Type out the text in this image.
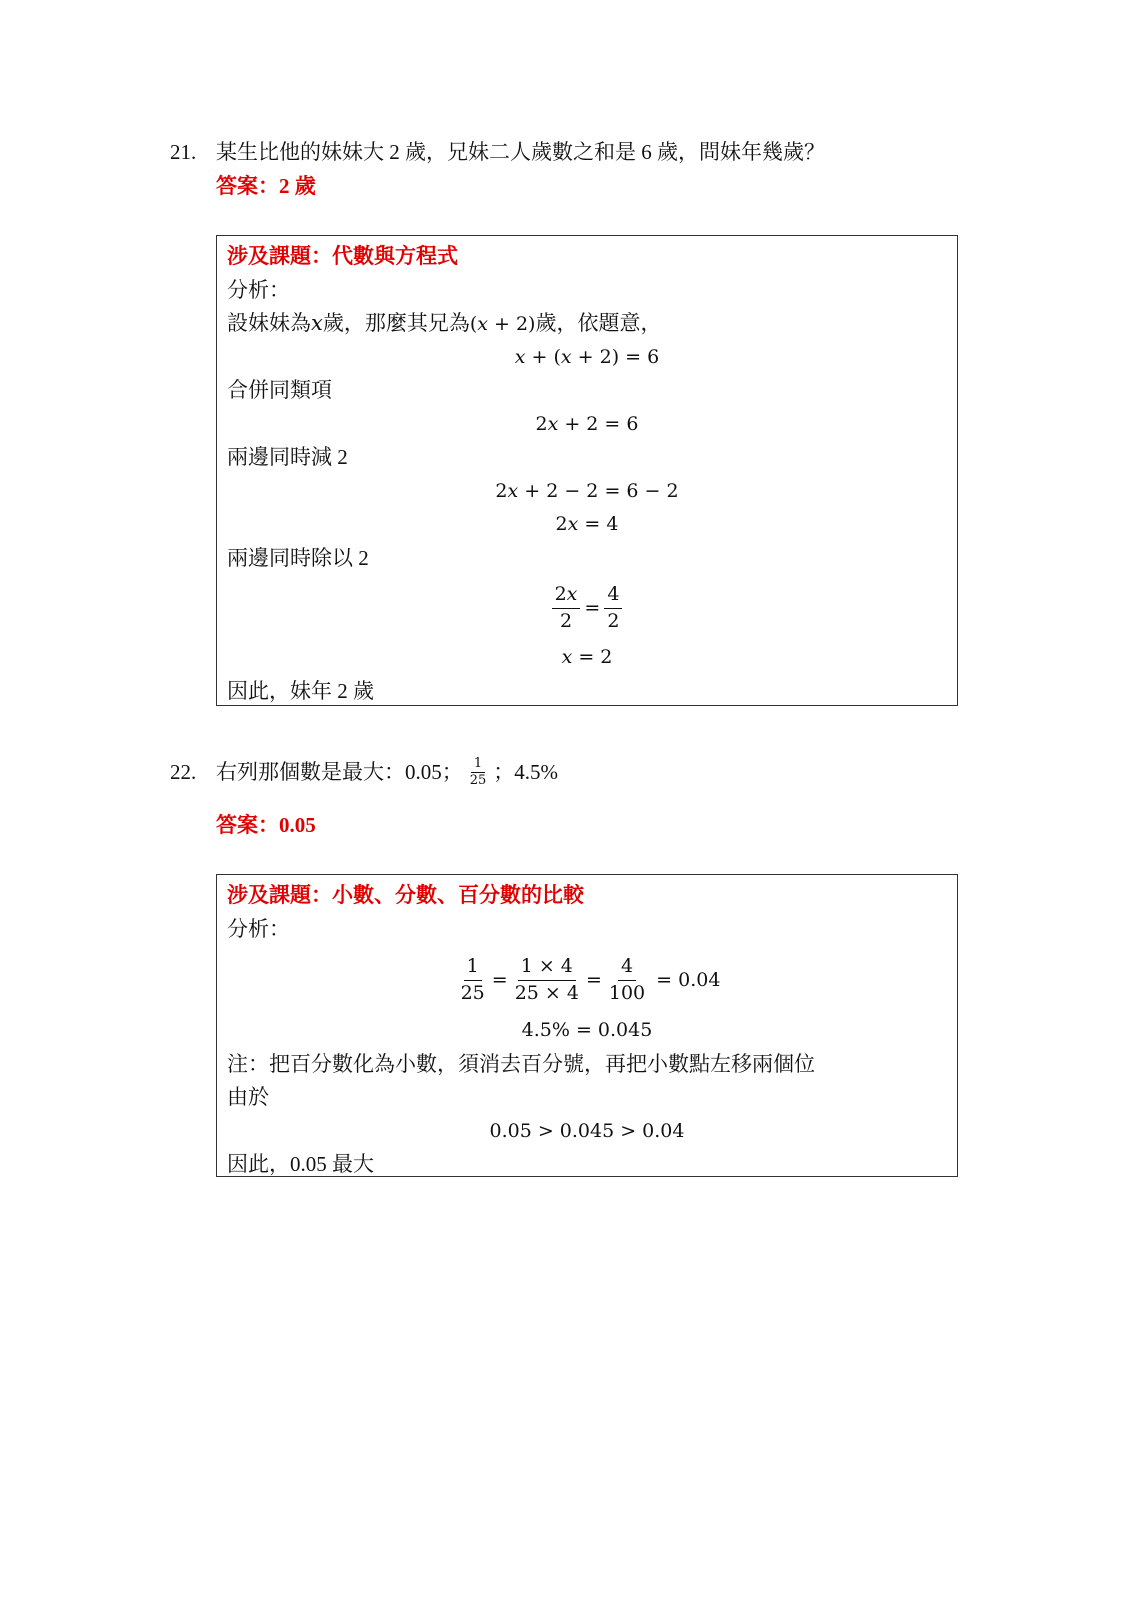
21. 某生比他的妹妹大 2 歲，兄妹二人歲數之和是 6 歲，問妹年幾歲？
答案：2 歲
涉及課題：代數與方程式
分析：
設妹妹為𝑥歲，那麼其兄為(𝑥 + 2)歲，依題意，
𝑥 + (𝑥 + 2) = 6
合併同類項
2𝑥 + 2 = 6
兩邊同時減 2
2𝑥 + 2 − 2 = 6 − 2
2𝑥 = 4
兩邊同時除以 2
$\frac{\text{2𝑥}}{2} = \frac{4}{2}$
𝑥 = 2
因此，妹年 2 歲
22. 右列那個數是最大：0.05； $\frac{1}{25}$ ；4.5%
答案：0.05
涉及課題：小數、分數、百分數的比較
分析：
$\frac{1}{25} = \frac{1 \times 4}{25 \times 4} = \frac{4}{100} = 0.04$
4.5% = 0.045
注：把百分數化為小數，須消去百分號，再把小數點左移兩個位
由於
0.05 > 0.045 > 0.04
因此，0.05 最大
